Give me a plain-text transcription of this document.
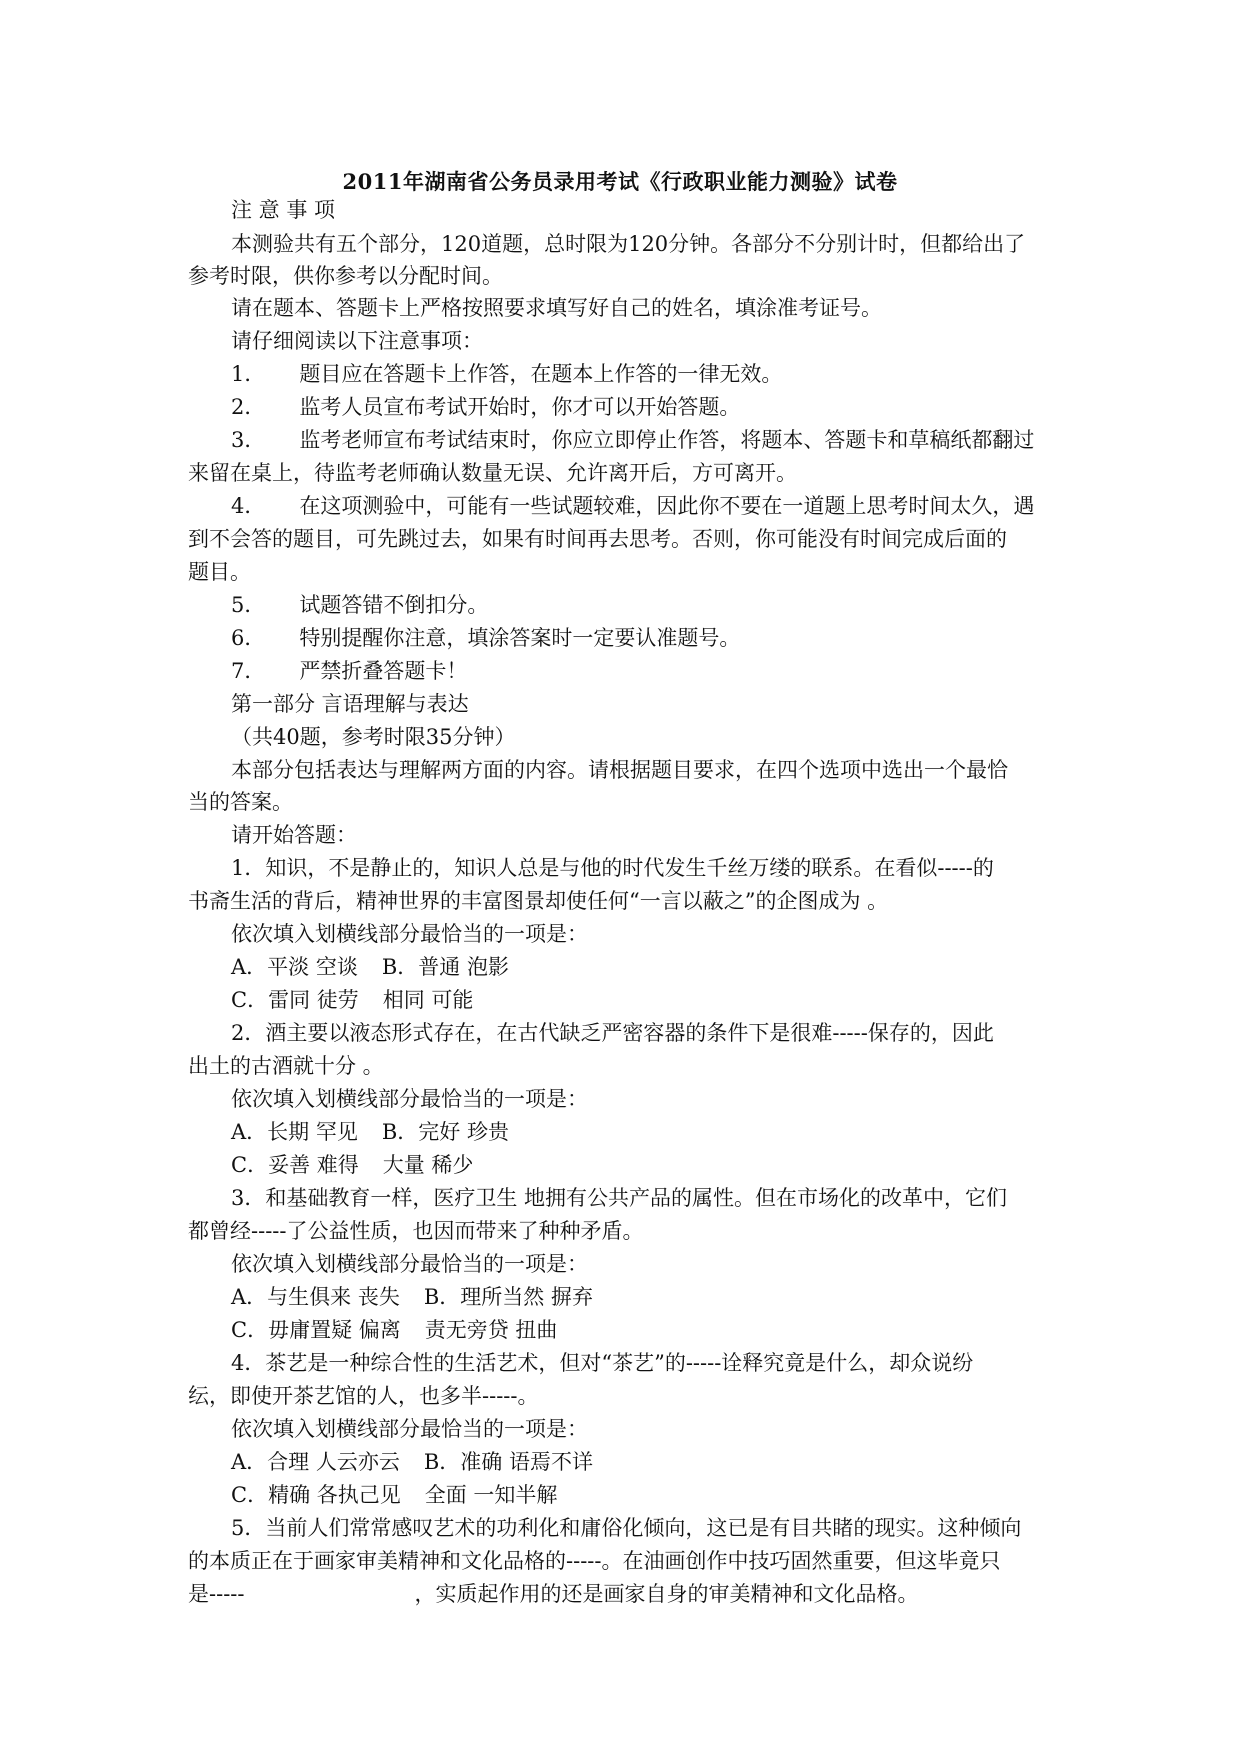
2011年湖南省公务员录用考试《行政职业能力测验》试卷
注 意 事 项
本测验共有五个部分，120道题，总时限为120分钟。各部分不分别计时，但都给出了
参考时限，供你参考以分配时间。
请在题本、答题卡上严格按照要求填写好自己的姓名，填涂准考证号。
请仔细阅读以下注意事项：
1． 题目应在答题卡上作答，在题本上作答的一律无效。
2． 监考人员宣布考试开始时，你才可以开始答题。
3． 监考老师宣布考试结束时，你应立即停止作答，将题本、答题卡和草稿纸都翻过
来留在桌上，待监考老师确认数量无误、允许离开后，方可离开。
4． 在这项测验中，可能有一些试题较难，因此你不要在一道题上思考时间太久，遇
到不会答的题目，可先跳过去，如果有时间再去思考。否则，你可能没有时间完成后面的
题目。
5． 试题答错不倒扣分。
6． 特别提醒你注意，填涂答案时一定要认准题号。
7． 严禁折叠答题卡！
第一部分 言语理解与表达
（共40题，参考时限35分钟）
本部分包括表达与理解两方面的内容。请根据题目要求，在四个选项中选出一个最恰
当的答案。
请开始答题：
1．知识，不是静止的，知识人总是与他的时代发生千丝万缕的联系。在看似-----的
书斋生活的背后，精神世界的丰富图景却使任何“一言以蔽之”的企图成为 。
依次填入划横线部分最恰当的一项是：
A．平淡 空谈 B．普通 泡影
C．雷同 徒劳 相同 可能
2．酒主要以液态形式存在，在古代缺乏严密容器的条件下是很难-----保存的，因此
出土的古酒就十分 。
依次填入划横线部分最恰当的一项是：
A．长期 罕见 B．完好 珍贵
C．妥善 难得 大量 稀少
3．和基础教育一样，医疗卫生 地拥有公共产品的属性。但在市场化的改革中，它们
都曾经-----了公益性质，也因而带来了种种矛盾。
依次填入划横线部分最恰当的一项是：
A．与生俱来 丧失 B．理所当然 摒弃
C．毋庸置疑 偏离 责无旁贷 扭曲
4．茶艺是一种综合性的生活艺术，但对“茶艺”的-----诠释究竟是什么，却众说纷
纭，即使开茶艺馆的人，也多半-----。
依次填入划横线部分最恰当的一项是：
A．合理 人云亦云 B．准确 语焉不详
C．精确 各执己见 全面 一知半解
5．当前人们常常感叹艺术的功利化和庸俗化倾向，这已是有目共睹的现实。这种倾向
的本质正在于画家审美精神和文化品格的-----。在油画创作中技巧固然重要，但这毕竟只
是-----	，实质起作用的还是画家自身的审美精神和文化品格。
